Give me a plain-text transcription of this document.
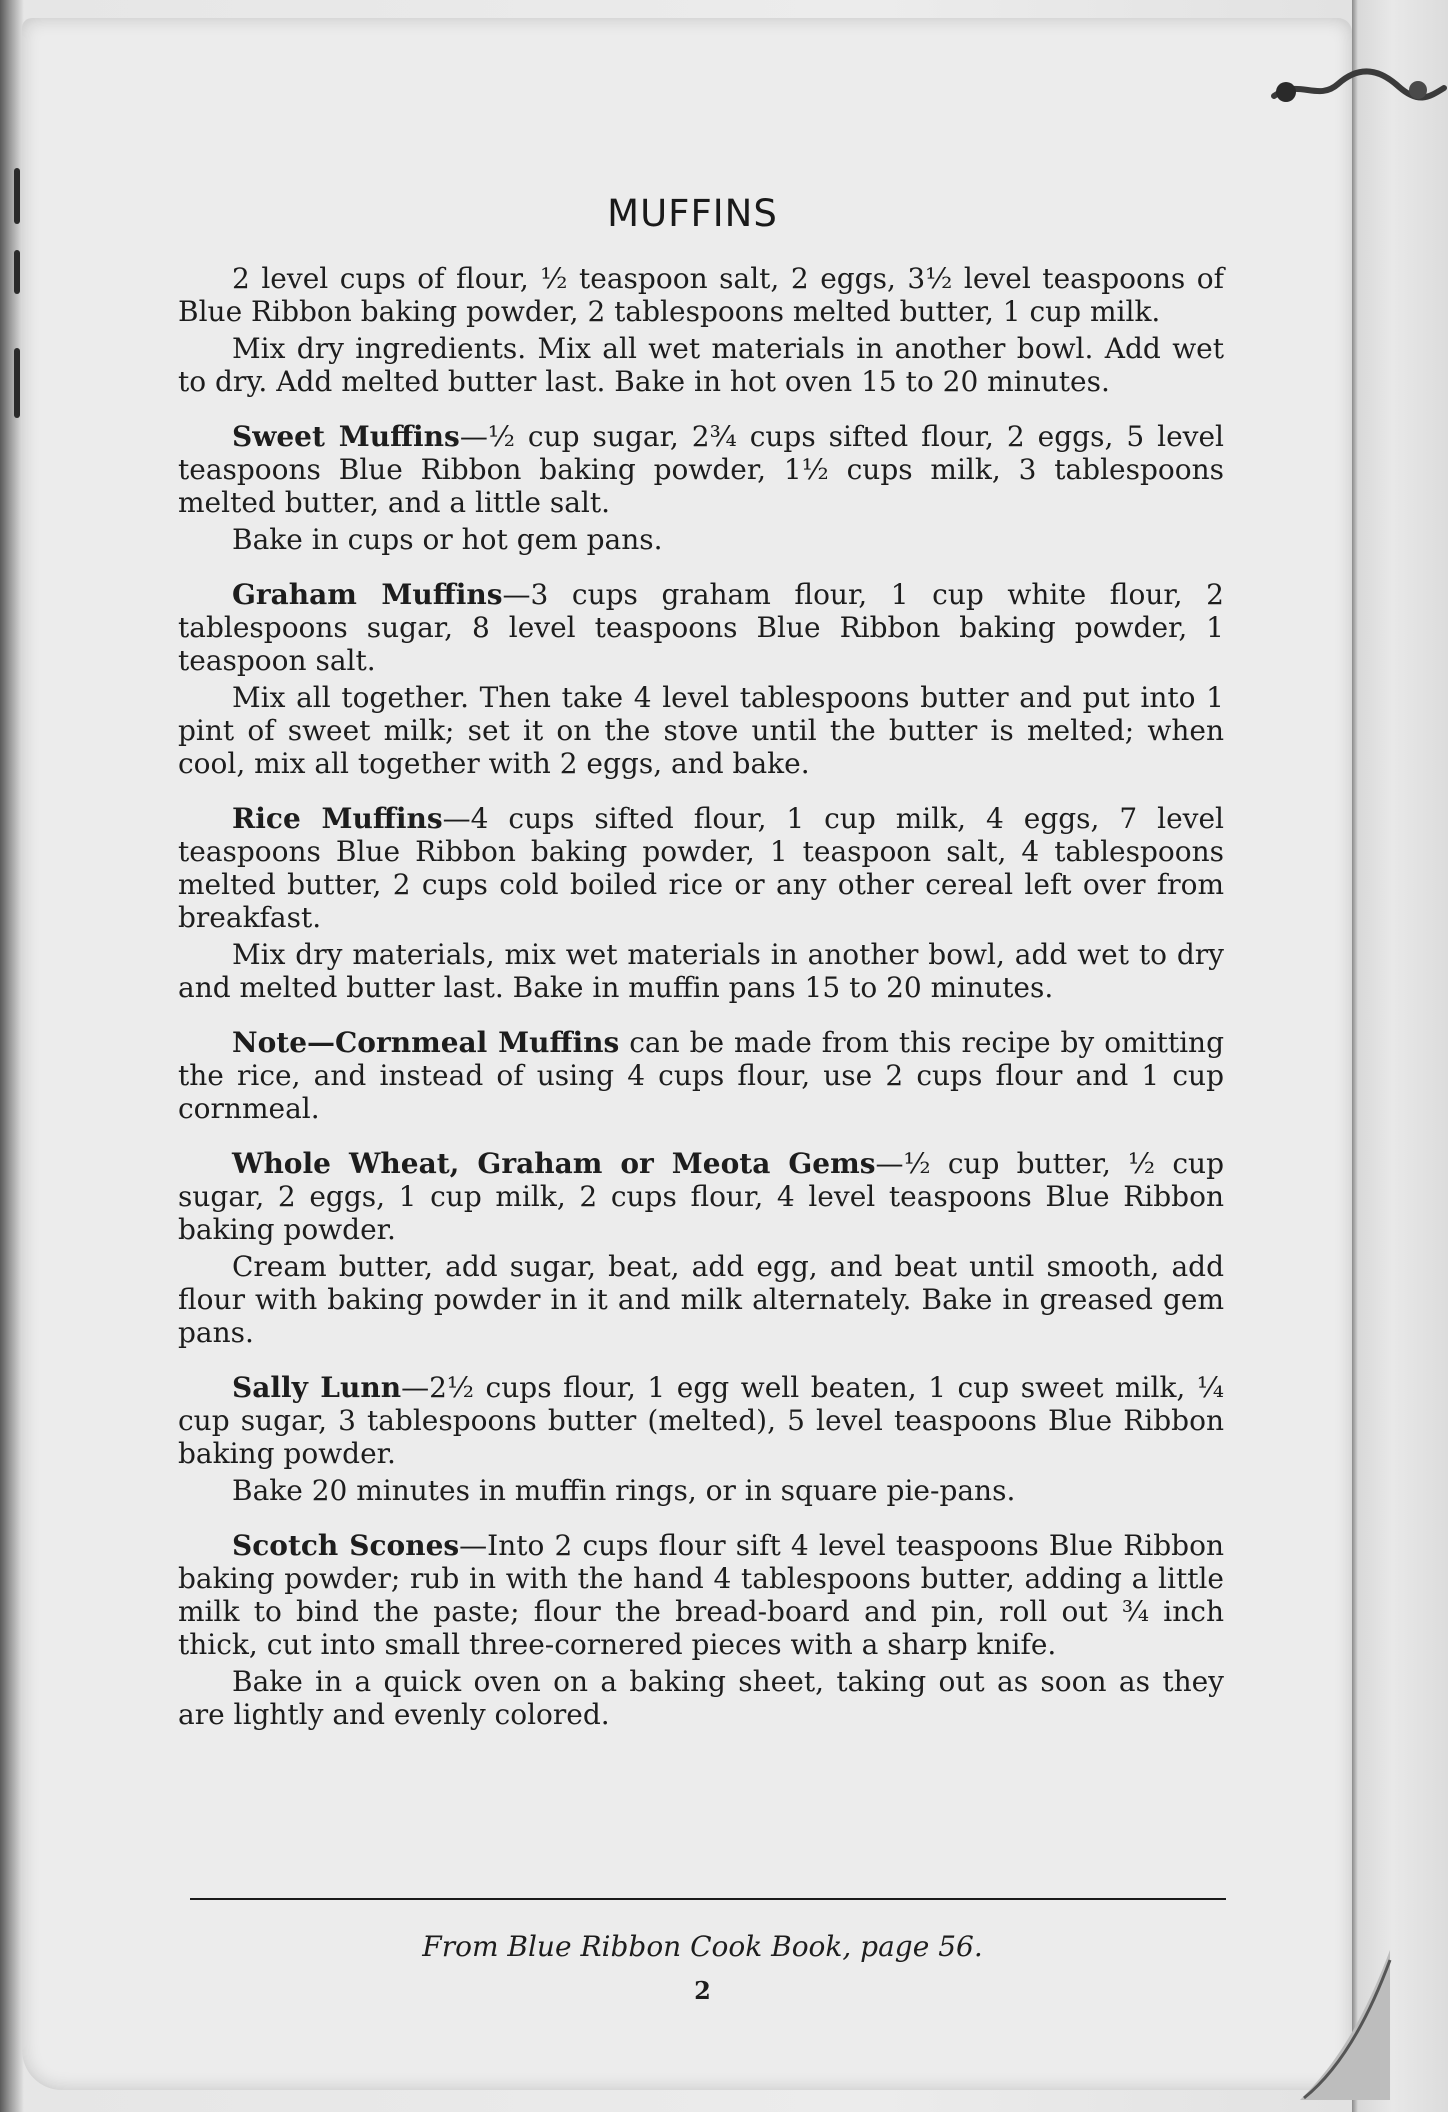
MUFFINS

2 level cups of flour, ½ teaspoon salt, 2 eggs, 3½ level teaspoons of Blue Ribbon baking powder, 2 tablespoons melted butter, 1 cup milk.

Mix dry ingredients. Mix all wet materials in another bowl. Add wet to dry. Add melted butter last. Bake in hot oven 15 to 20 minutes.

Sweet Muffins—½ cup sugar, 2¾ cups sifted flour, 2 eggs, 5 level teaspoons Blue Ribbon baking powder, 1½ cups milk, 3 tablespoons melted butter, and a little salt.

Bake in cups or hot gem pans.

Graham Muffins—3 cups graham flour, 1 cup white flour, 2 tablespoons sugar, 8 level teaspoons Blue Ribbon baking powder, 1 teaspoon salt.

Mix all together. Then take 4 level tablespoons butter and put into 1 pint of sweet milk; set it on the stove until the butter is melted; when cool, mix all together with 2 eggs, and bake.

Rice Muffins—4 cups sifted flour, 1 cup milk, 4 eggs, 7 level teaspoons Blue Ribbon baking powder, 1 teaspoon salt, 4 tablespoons melted butter, 2 cups cold boiled rice or any other cereal left over from breakfast.

Mix dry materials, mix wet materials in another bowl, add wet to dry and melted butter last. Bake in muffin pans 15 to 20 minutes.

Note—Cornmeal Muffins can be made from this recipe by omitting the rice, and instead of using 4 cups flour, use 2 cups flour and 1 cup cornmeal.

Whole Wheat, Graham or Meota Gems—½ cup butter, ½ cup sugar, 2 eggs, 1 cup milk, 2 cups flour, 4 level teaspoons Blue Ribbon baking powder.

Cream butter, add sugar, beat, add egg, and beat until smooth, add flour with baking powder in it and milk alternately. Bake in greased gem pans.

Sally Lunn—2½ cups flour, 1 egg well beaten, 1 cup sweet milk, ¼ cup sugar, 3 tablespoons butter (melted), 5 level teaspoons Blue Ribbon baking powder.

Bake 20 minutes in muffin rings, or in square pie-pans.

Scotch Scones—Into 2 cups flour sift 4 level teaspoons Blue Ribbon baking powder; rub in with the hand 4 tablespoons butter, adding a little milk to bind the paste; flour the bread-board and pin, roll out ¾ inch thick, cut into small three-cornered pieces with a sharp knife.

Bake in a quick oven on a baking sheet, taking out as soon as they are lightly and evenly colored.

From Blue Ribbon Cook Book, page 56.
2
